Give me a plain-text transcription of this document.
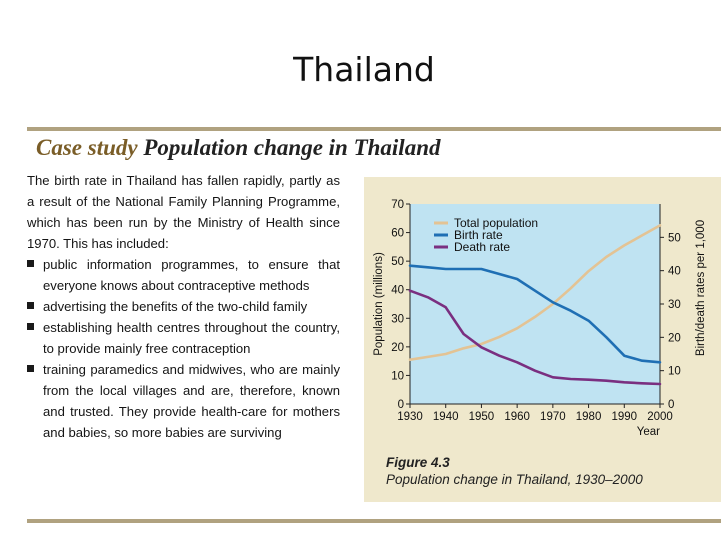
Thailand
Case study Population change in Thailand

The birth rate in Thailand has fallen rapidly, partly as a result of the National Family Planning Programme, which has been run by the Ministry of Health since 1970. This has included:

public information programmes, to ensure that everyone knows about contraceptive methods
advertising the benefits of the two-child family
establishing health centres throughout the country, to provide mainly free contraception
training paramedics and midwives, who are mainly from the local villages and are, therefore, known and trusted. They provide health-care for mothers and babies, so more babies are surviving
0
10
20
30
40
50
60
70
0
10
20
30
40
50
1930 1940 1950 1960 1970 1980 1990 2000
Year
Population (millions)	Birth/death rates per 1,000
Total population
Birth rate
Death rate
Figure 4.3
Population change in Thailand, 1930–2000
